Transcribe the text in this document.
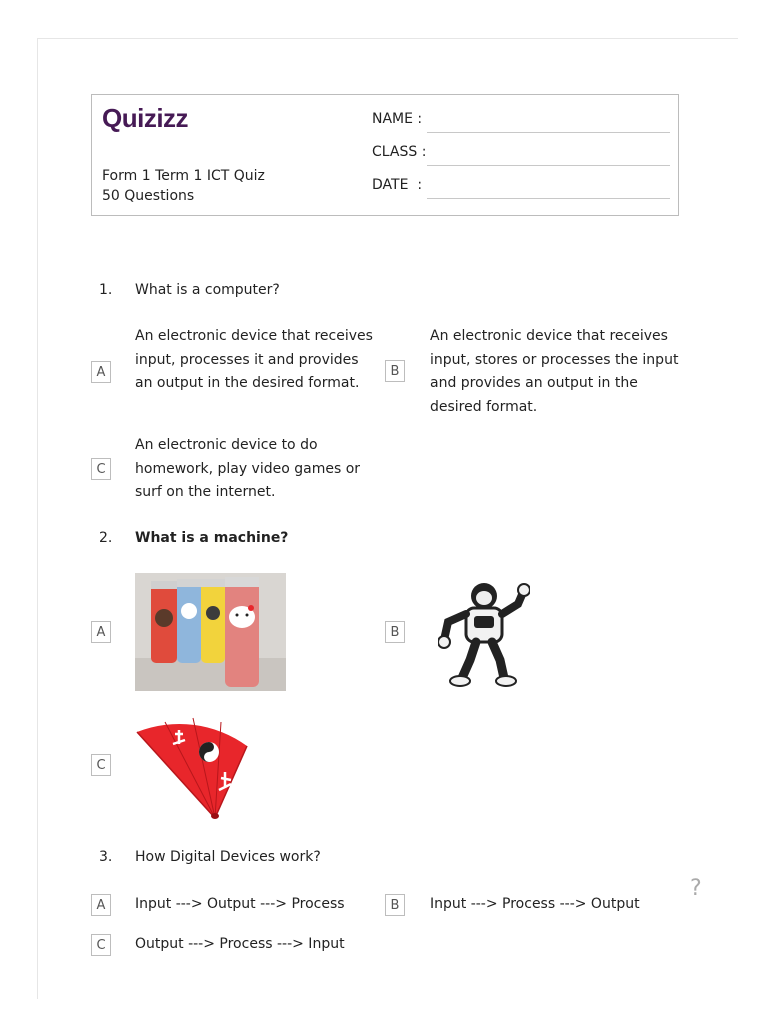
Quizizz
Form 1 Term 1 ICT Quiz
50 Questions
NAME :
CLASS :
DATE  :
1. What is a computer?
A
An electronic device that receives input, processes it and provides an output in the desired format.
B
An electronic device that receives input, stores or processes the input and provides an output in the desired format.
C
An electronic device to do homework, play video games or surf on the internet.
2. What is a machine?
A	B
C
3. How Digital Devices work?
A	Input ---> Output ---> Process	B	Input ---> Process ---> Output
C	Output ---> Process ---> Input
?
